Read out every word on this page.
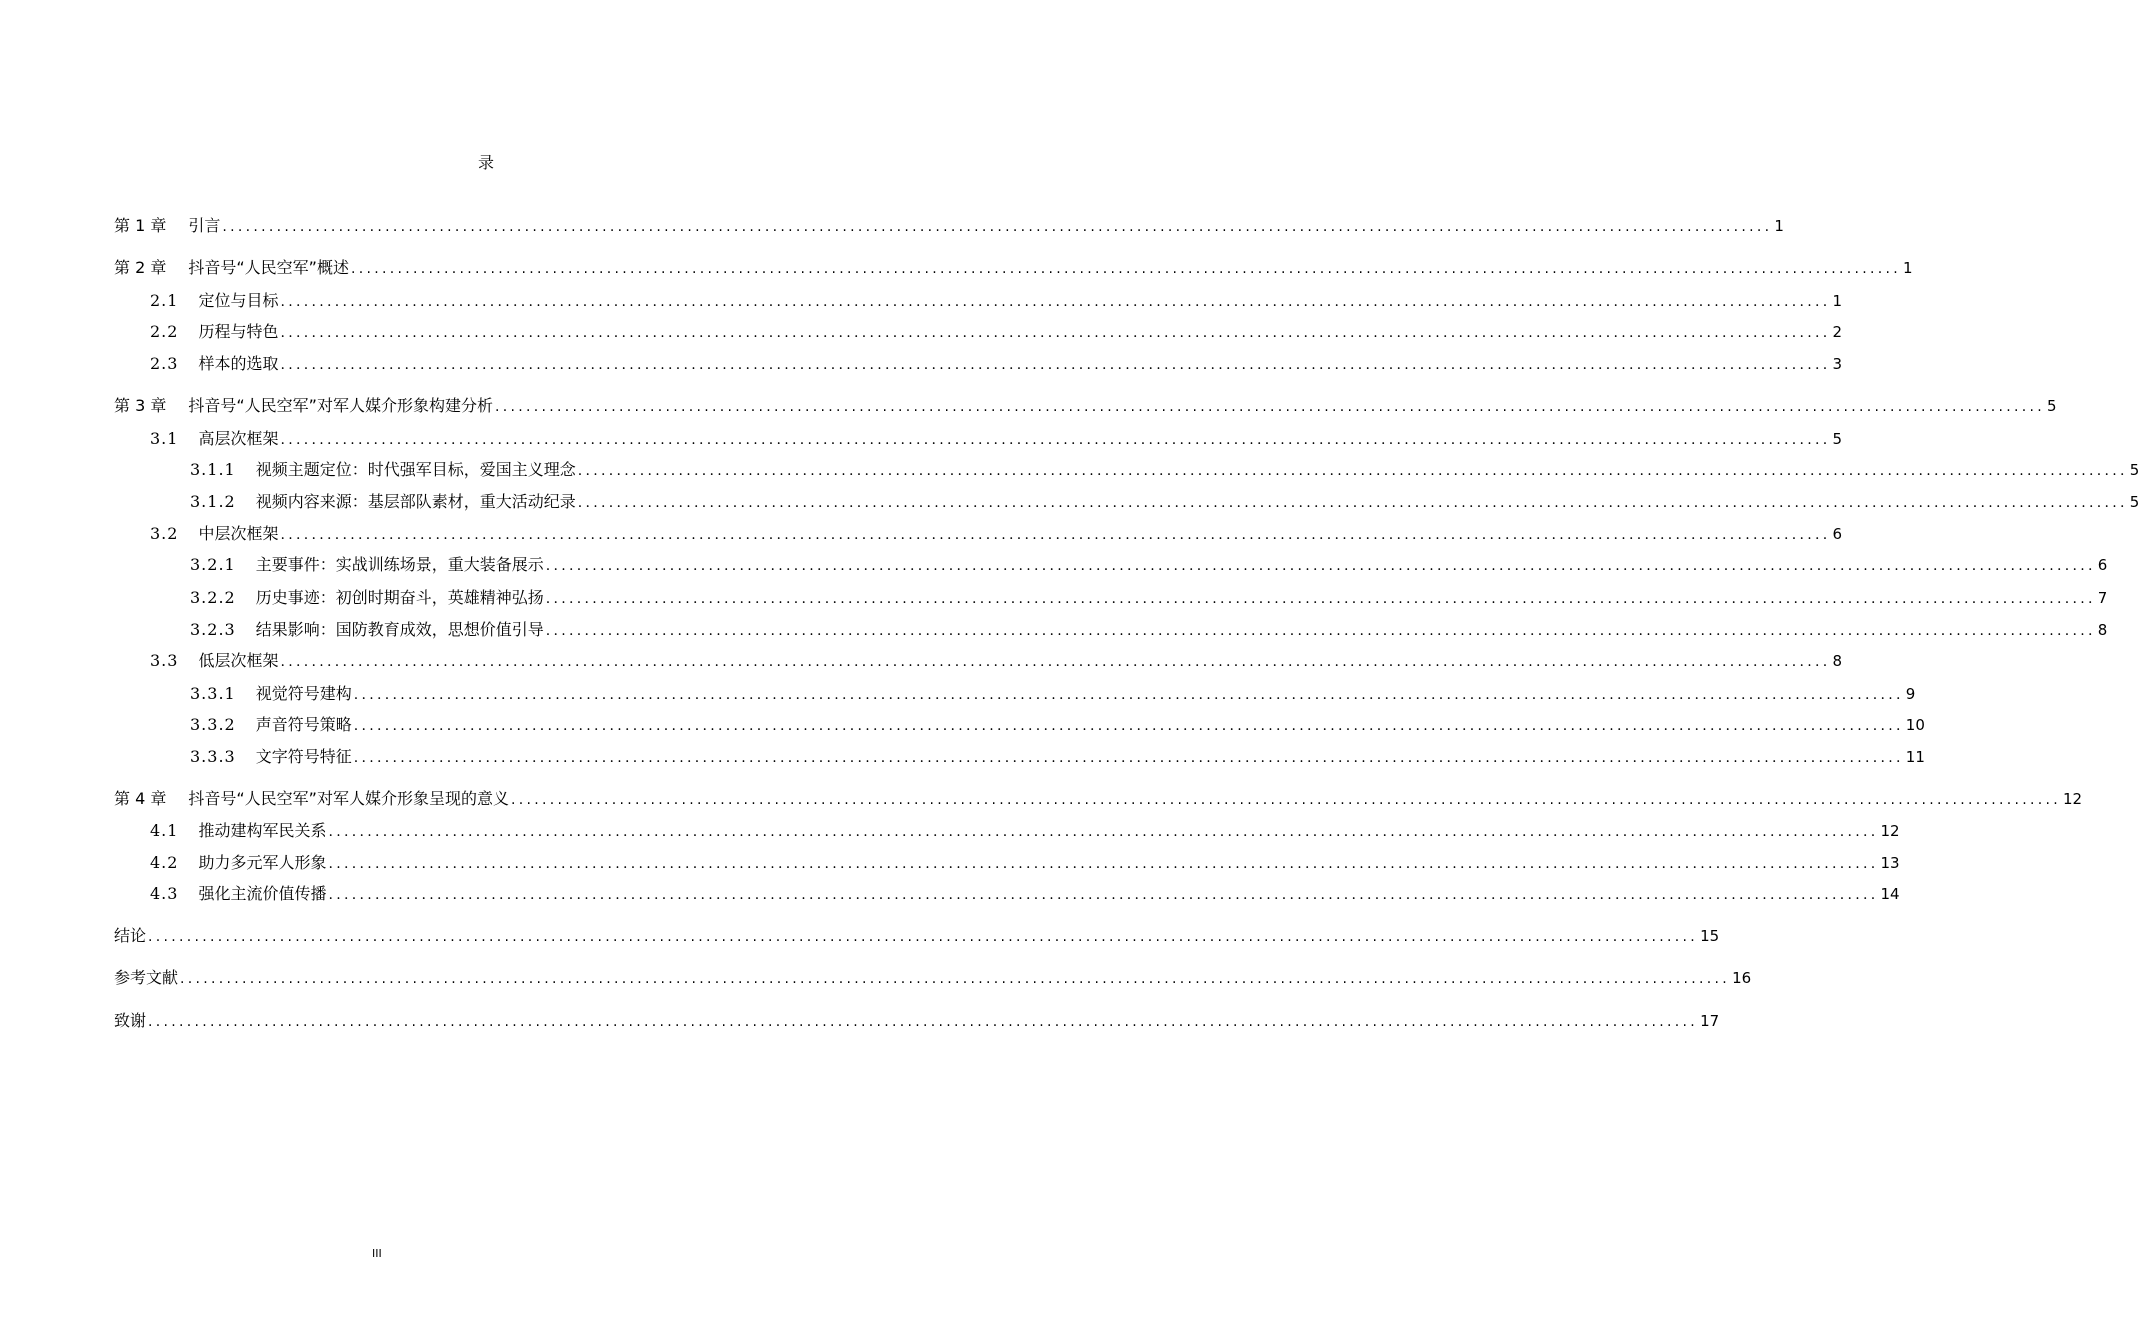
录
第 1 章 引言 ........................................................................................................................................................................................................ 1
第 2 章 抖音号“人民空军”概述 ........................................................................................................................................................................................................ 1
2.1 定位与目标 ........................................................................................................................................................................................................ 1
2.2 历程与特色 ........................................................................................................................................................................................................ 2
2.3 样本的选取 ........................................................................................................................................................................................................ 3
第 3 章 抖音号“人民空军”对军人媒介形象构建分析 ........................................................................................................................................................................................................ 5
3.1 高层次框架 ........................................................................................................................................................................................................ 5
3.1.1 视频主题定位：时代强军目标，爱国主义理念 ........................................................................................................................................................................................................ 5
3.1.2 视频内容来源：基层部队素材，重大活动纪录 ........................................................................................................................................................................................................ 5
3.2 中层次框架 ........................................................................................................................................................................................................ 6
3.2.1 主要事件：实战训练场景，重大装备展示 ........................................................................................................................................................................................................ 6
3.2.2 历史事迹：初创时期奋斗，英雄精神弘扬 ........................................................................................................................................................................................................ 7
3.2.3 结果影响：国防教育成效，思想价值引导 ........................................................................................................................................................................................................ 8
3.3 低层次框架 ........................................................................................................................................................................................................ 8
3.3.1 视觉符号建构 ........................................................................................................................................................................................................ 9
3.3.2 声音符号策略 ........................................................................................................................................................................................................ 10
3.3.3 文字符号特征 ........................................................................................................................................................................................................ 11
第 4 章 抖音号“人民空军”对军人媒介形象呈现的意义 ........................................................................................................................................................................................................ 12
4.1 推动建构军民关系 ........................................................................................................................................................................................................ 12
4.2 助力多元军人形象 ........................................................................................................................................................................................................ 13
4.3 强化主流价值传播 ........................................................................................................................................................................................................ 14
结论 ........................................................................................................................................................................................................ 15
参考文献 ........................................................................................................................................................................................................ 16
致谢 ........................................................................................................................................................................................................ 17
III
